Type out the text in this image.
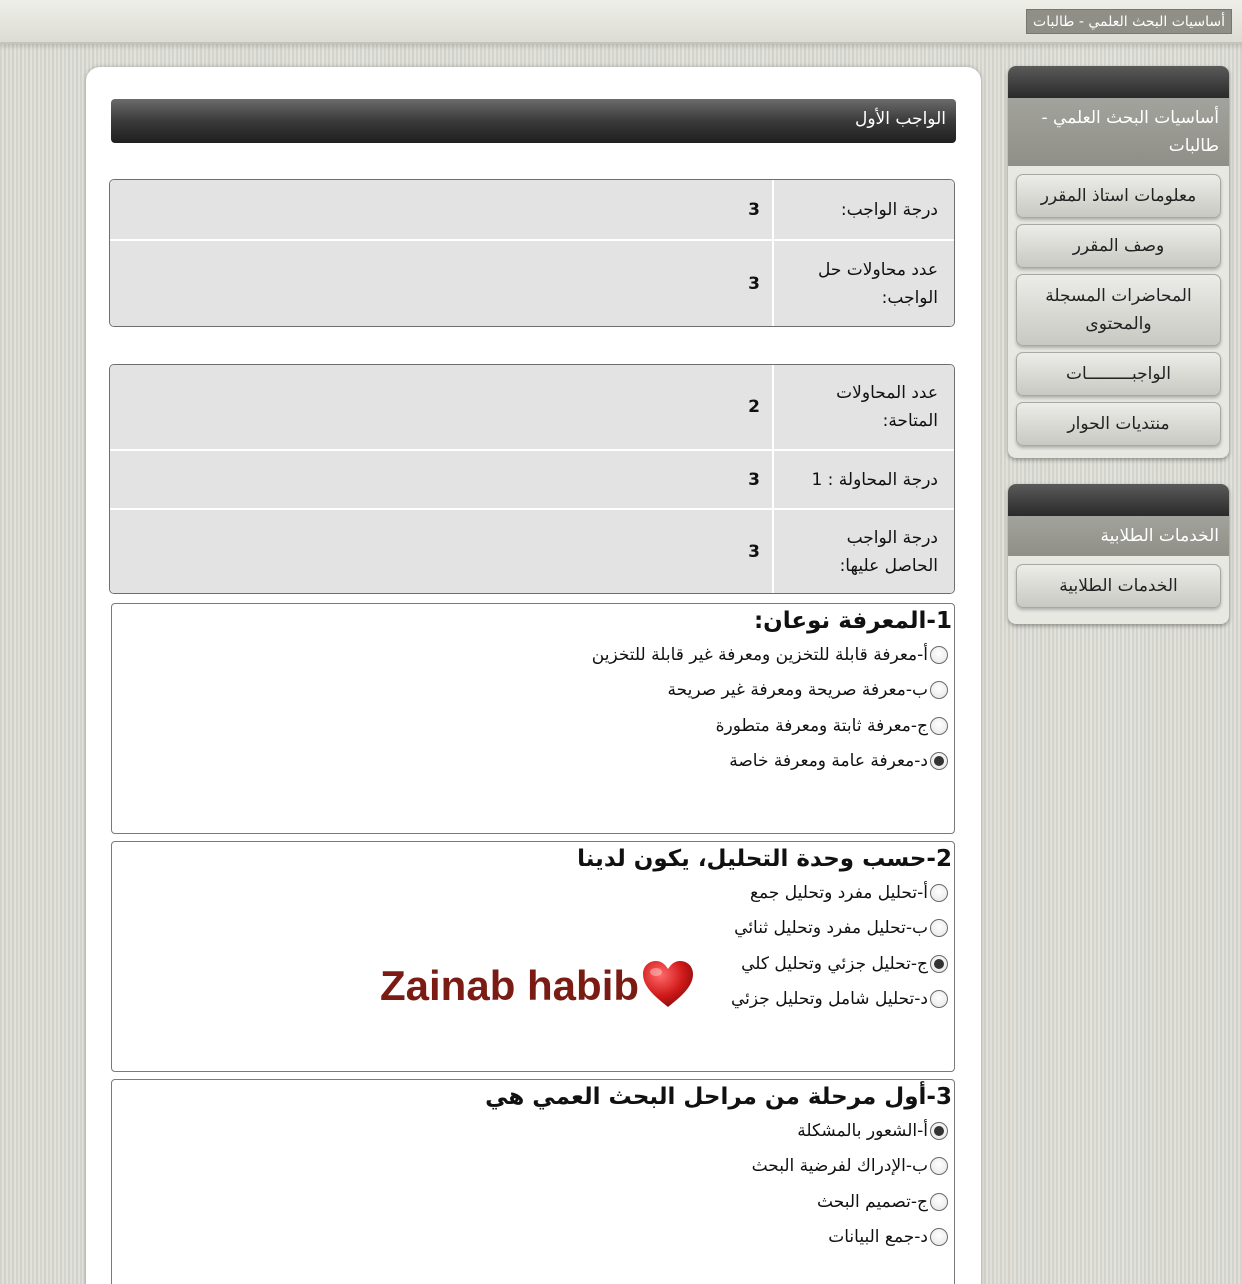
أساسيات البحث العلمي - طالبات
أساسيات البحث العلمي - طالبات
معلومات استاذ المقرر
وصف المقرر
المحاضرات المسجلة والمحتوى
الواجبـــــــــات
منتديات الحوار
الخدمات الطلابية
الخدمات الطلابية
الواجب الأول
درجة الواجب:
3
عدد محاولات حل الواجب:
3
عدد المحاولات المتاحة:
2
درجة المحاولة : 1
3
درجة الواجب الحاصل عليها:
3
1-المعرفة نوعان:
أ-معرفة قابلة للتخزين ومعرفة غير قابلة للتخزين
ب-معرفة صريحة ومعرفة غير صريحة
ج-معرفة ثابتة ومعرفة متطورة
د-معرفة عامة ومعرفة خاصة
2-حسب وحدة التحليل، يكون لدينا
أ-تحليل مفرد وتحليل جمع
ب-تحليل مفرد وتحليل ثنائي
ج-تحليل جزئي وتحليل كلي
د-تحليل شامل وتحليل جزئي
3-أول مرحلة من مراحل البحث العمي هي
أ-الشعور بالمشكلة
ب-الإدراك لفرضية البحث
ج-تصميم البحث
د-جمع البيانات
Zainab habib
